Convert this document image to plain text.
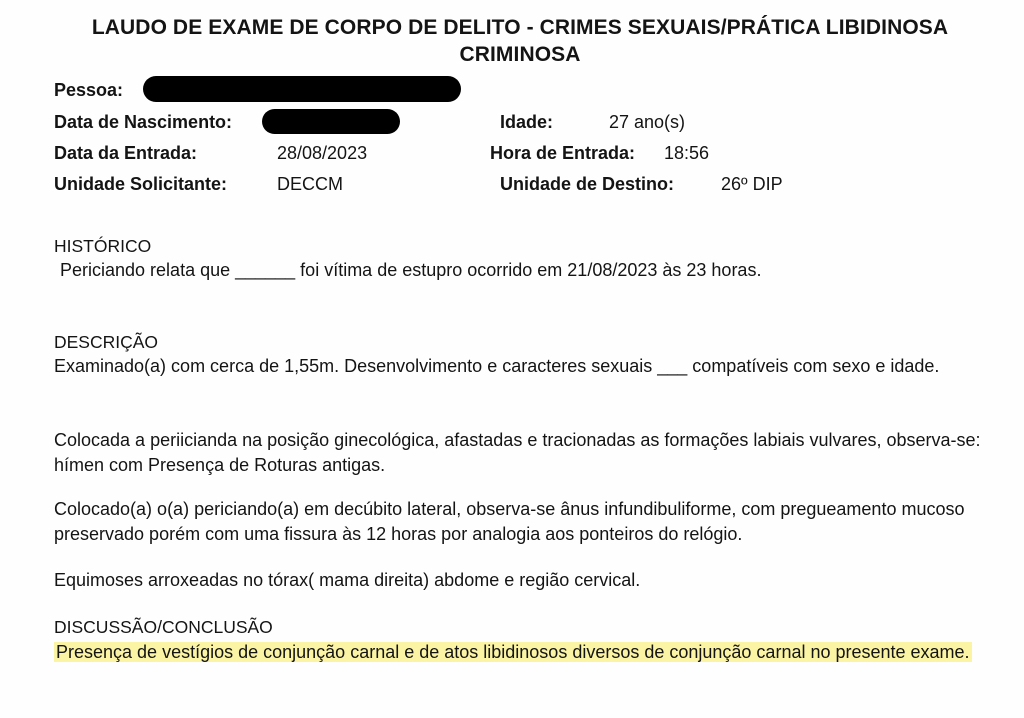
LAUDO DE EXAME DE CORPO DE DELITO - CRIMES SEXUAIS/PRÁTICA LIBIDINOSA CRIMINOSA
Pessoa:
Data de Nascimento:	Idade:	27 ano(s)
Data da Entrada:	28/08/2023	Hora de Entrada: 18:56
Unidade Solicitante:	DECCM	Unidade de Destino:	26º DIP
HISTÓRICO
Periciando relata que ______ foi vítima de estupro ocorrido em 21/08/2023 às 23 horas.
DESCRIÇÃO
Examinado(a) com cerca de 1,55m. Desenvolvimento e caracteres sexuais ___ compatíveis com sexo e idade.
Colocada a periicianda na posição ginecológica, afastadas e tracionadas as formações labiais vulvares, observa-se: hímen com Presença de Roturas antigas.
Colocado(a) o(a) periciando(a) em decúbito lateral, observa-se ânus infundibuliforme, com pregueamento mucoso preservado porém com uma fissura às 12 horas por analogia aos ponteiros do relógio.
Equimoses arroxeadas no tórax( mama direita) abdome e região cervical.
DISCUSSÃO/CONCLUSÃO
Presença de vestígios de conjunção carnal e de atos libidinosos diversos de conjunção carnal no presente exame.
